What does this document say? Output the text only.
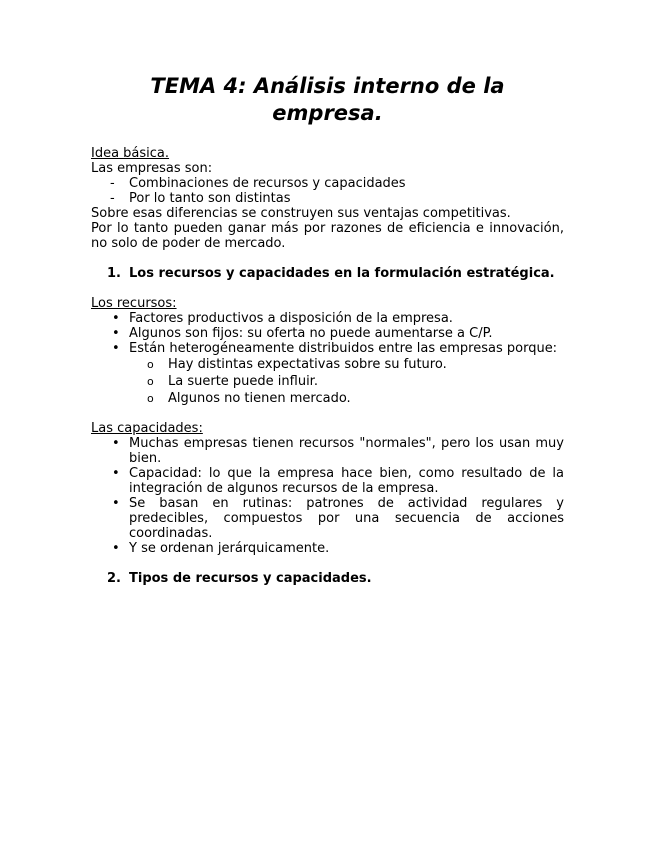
TEMA 4: Análisis interno de la
empresa.

Idea básica.

Las empresas son:

- Combinaciones de recursos y capacidades
- Por lo tanto son distintas

Sobre esas diferencias se construyen sus ventajas competitivas.

Por lo tanto pueden ganar más por razones de eficiencia e innovación, no solo de poder de mercado.

1. Los recursos y capacidades en la formulación estratégica.

Los recursos:

• Factores productivos a disposición de la empresa.
• Algunos son fijos: su oferta no puede aumentarse a C/P.
• Están heterogéneamente distribuidos entre las empresas porque:
o Hay distintas expectativas sobre su futuro.
o La suerte puede influir.
o Algunos no tienen mercado.

Las capacidades:

• Muchas empresas tienen recursos "normales", pero los usan muy bien.
• Capacidad: lo que la empresa hace bien, como resultado de la integración de algunos recursos de la empresa.
• Se basan en rutinas: patrones de actividad regulares y predecibles, compuestos por una secuencia de acciones coordinadas.
• Y se ordenan jerárquicamente.

2. Tipos de recursos y capacidades.
